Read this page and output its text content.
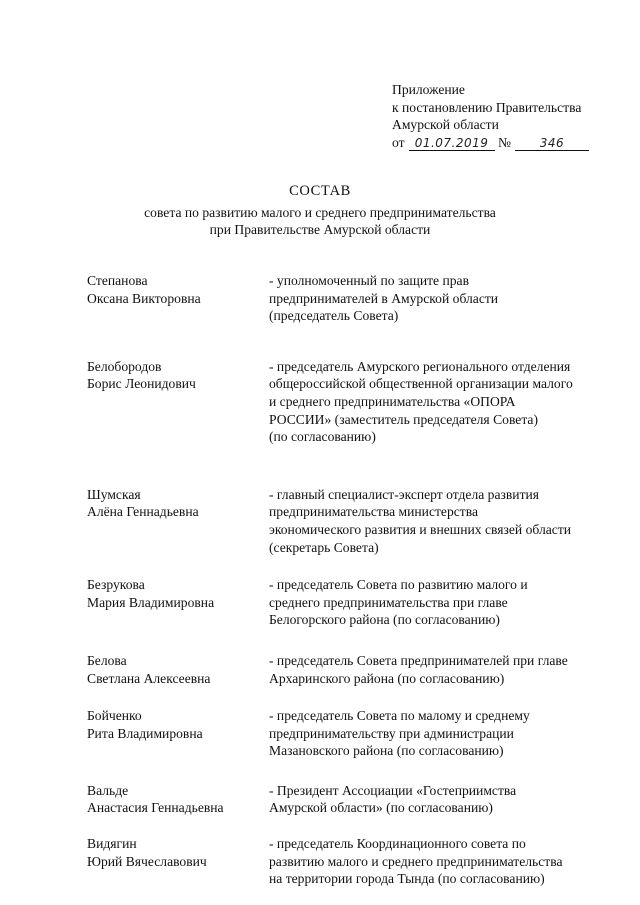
Приложение
к постановлению Правительства
Амурской области
от 01.07.2019 № 346
СОСТАВ
совета по развитию малого и среднего предпринимательства
при Правительстве Амурской области
Степанова
Оксана Викторовна
- уполномоченный по защите прав
предпринимателей в Амурской области
(председатель Совета)
Белобородов
Борис Леонидович
- председатель Амурского регионального отделения
общероссийской общественной организации малого
и среднего предпринимательства «ОПОРА
РОССИИ» (заместитель председателя Совета)
(по согласованию)
Шумская
Алёна Геннадьевна
- главный специалист-эксперт отдела развития
предпринимательства министерства
экономического развития и внешних связей области
(секретарь Совета)
Безрукова
Мария Владимировна
- председатель Совета по развитию малого и
среднего предпринимательства при главе
Белогорского района (по согласованию)
Белова
Светлана Алексеевна
- председатель Совета предпринимателей при главе
Архаринского района (по согласованию)
Бойченко
Рита Владимировна
- председатель Совета по малому и среднему
предпринимательству при администрации
Мазановского района (по согласованию)
Вальде
Анастасия Геннадьевна
- Президент Ассоциации «Гостеприимства
Амурской области» (по согласованию)
Видягин
Юрий Вячеславович
- председатель Координационного совета по
развитию малого и среднего предпринимательства
на территории города Тында (по согласованию)
